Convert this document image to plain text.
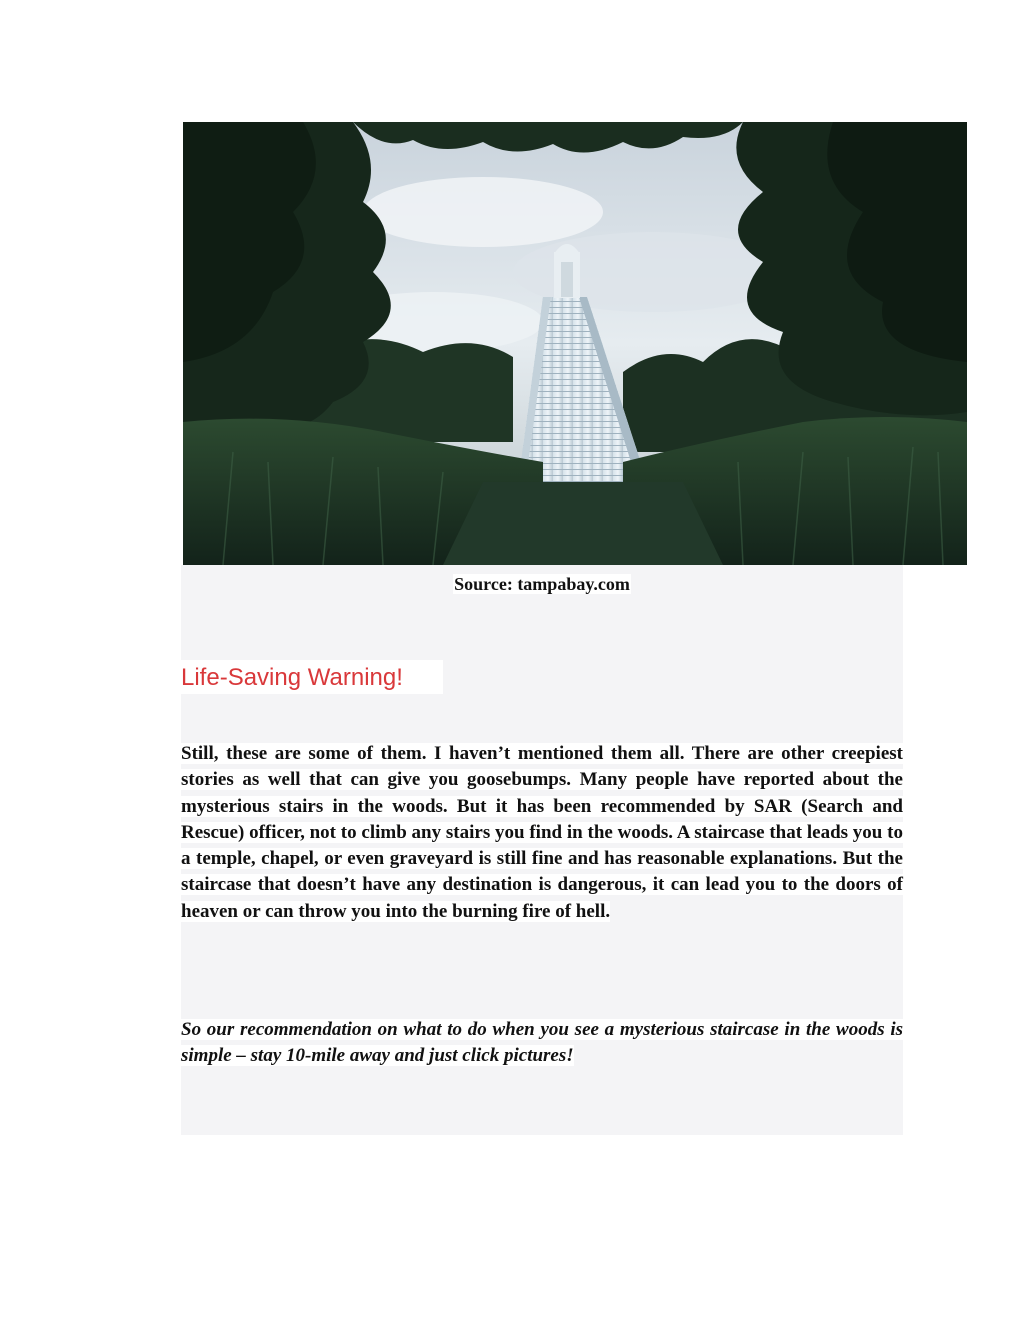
Source: tampabay.com
Life-Saving Warning!

Still, these are some of them. I haven’t mentioned them all. There are other creepiest stories as well that can give you goosebumps. Many people have reported about the mysterious stairs in the woods. But it has been recommended by SAR (Search and Rescue) officer, not to climb any stairs you find in the woods. A staircase that leads you to a temple, chapel, or even graveyard is still fine and has reasonable explanations. But the staircase that doesn’t have any destination is dangerous, it can lead you to the doors of heaven or can throw you into the burning fire of hell.

So our recommendation on what to do when you see a mysterious staircase in the woods is simple – stay 10-mile away and just click pictures!
